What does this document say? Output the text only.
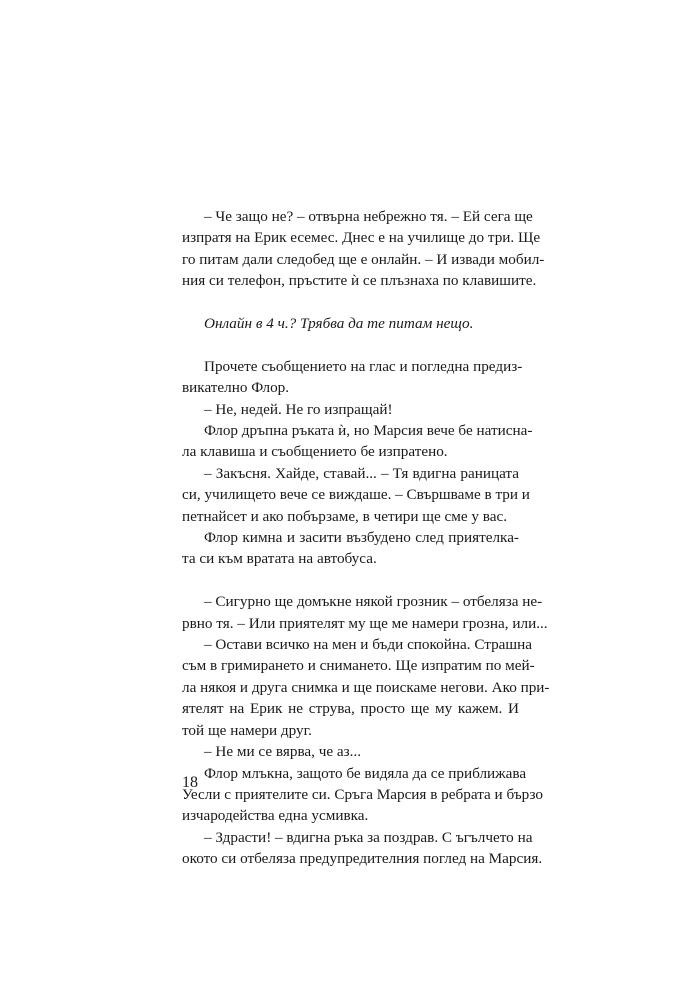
– Че защо не? – отвърна небрежно тя. – Ей сега ще
изпратя на Ерик есемес. Днес е на училище до три. Ще
го питам дали следобед ще е онлайн. – И извади мобил-
ния си телефон, пръстите ѝ се плъзнаха по клавишите.
Онлайн в 4 ч.? Трябва да те питам нещо.
Прочете съобщението на глас и погледна предиз-
викателно Флор.
– Не, недей. Не го изпращай!
Флор дръпна ръката ѝ, но Марсия вече бе натисна-
ла клавиша и съобщението бе изпратено.
– Закъсня. Хайде, ставай... – Тя вдигна раницата
си, училището вече се виждаше. – Свършваме в три и
петнайсет и ако побързаме, в четири ще сме у вас.
Флор кимна и засити възбудено след приятелка-
та си към вратата на автобуса.
– Сигурно ще домъкне някой грозник – отбеляза не-
рвно тя. – Или приятелят му ще ме намери грозна, или...
– Остави всичко на мен и бъди спокойна. Страшна
съм в гримирането и снимането. Ще изпратим по мей-
ла някоя и друга снимка и ще поискаме негови. Ако при-
ятелят на Ерик не струва, просто ще му кажем. И
той ще намери друг.
– Не ми се вярва, че аз...
Флор млъкна, защото бе видяла да се приближава
Уесли с приятелите си. Сръга Марсия в ребрата и бързо
изчародейства една усмивка.
– Здрасти! – вдигна ръка за поздрав. С ъгълчето на
окото си отбеляза предупредителния поглед на Марсия.
18
